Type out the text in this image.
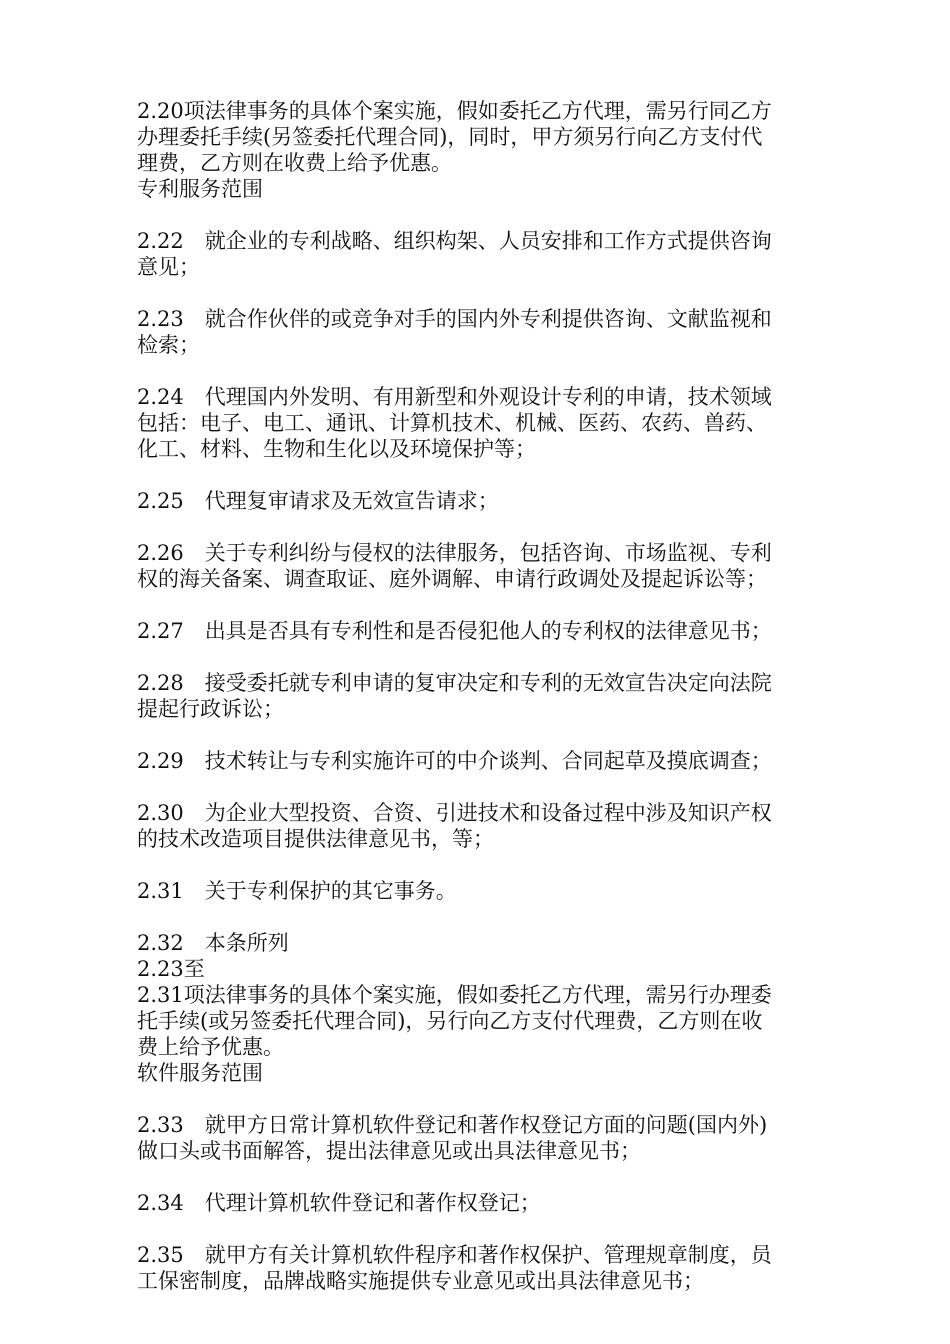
2.20项法律事务的具体个案实施，假如委托乙方代理，需另行同乙方
办理委托手续(另签委托代理合同)，同时，甲方须另行向乙方支付代
理费，乙方则在收费上给予优惠。
专利服务范围
2.22　就企业的专利战略、组织构架、人员安排和工作方式提供咨询
意见；
2.23　就合作伙伴的或竞争对手的国内外专利提供咨询、文献监视和
检索；
2.24　代理国内外发明、有用新型和外观设计专利的申请，技术领域
包括：电子、电工、通讯、计算机技术、机械、医药、农药、兽药、
化工、材料、生物和生化以及环境保护等；
2.25　代理复审请求及无效宣告请求；
2.26　关于专利纠纷与侵权的法律服务，包括咨询、市场监视、专利
权的海关备案、调查取证、庭外调解、申请行政调处及提起诉讼等；
2.27　出具是否具有专利性和是否侵犯他人的专利权的法律意见书；
2.28　接受委托就专利申请的复审决定和专利的无效宣告决定向法院
提起行政诉讼；
2.29　技术转让与专利实施许可的中介谈判、合同起草及摸底调查；
2.30　为企业大型投资、合资、引进技术和设备过程中涉及知识产权
的技术改造项目提供法律意见书，等；
2.31　关于专利保护的其它事务。
2.32　本条所列
2.23至
2.31项法律事务的具体个案实施，假如委托乙方代理，需另行办理委
托手续(或另签委托代理合同)，另行向乙方支付代理费，乙方则在收
费上给予优惠。
软件服务范围
2.33　就甲方日常计算机软件登记和著作权登记方面的问题(国内外)
做口头或书面解答，提出法律意见或出具法律意见书；
2.34　代理计算机软件登记和著作权登记；
2.35　就甲方有关计算机软件程序和著作权保护、管理规章制度，员
工保密制度，品牌战略实施提供专业意见或出具法律意见书；
